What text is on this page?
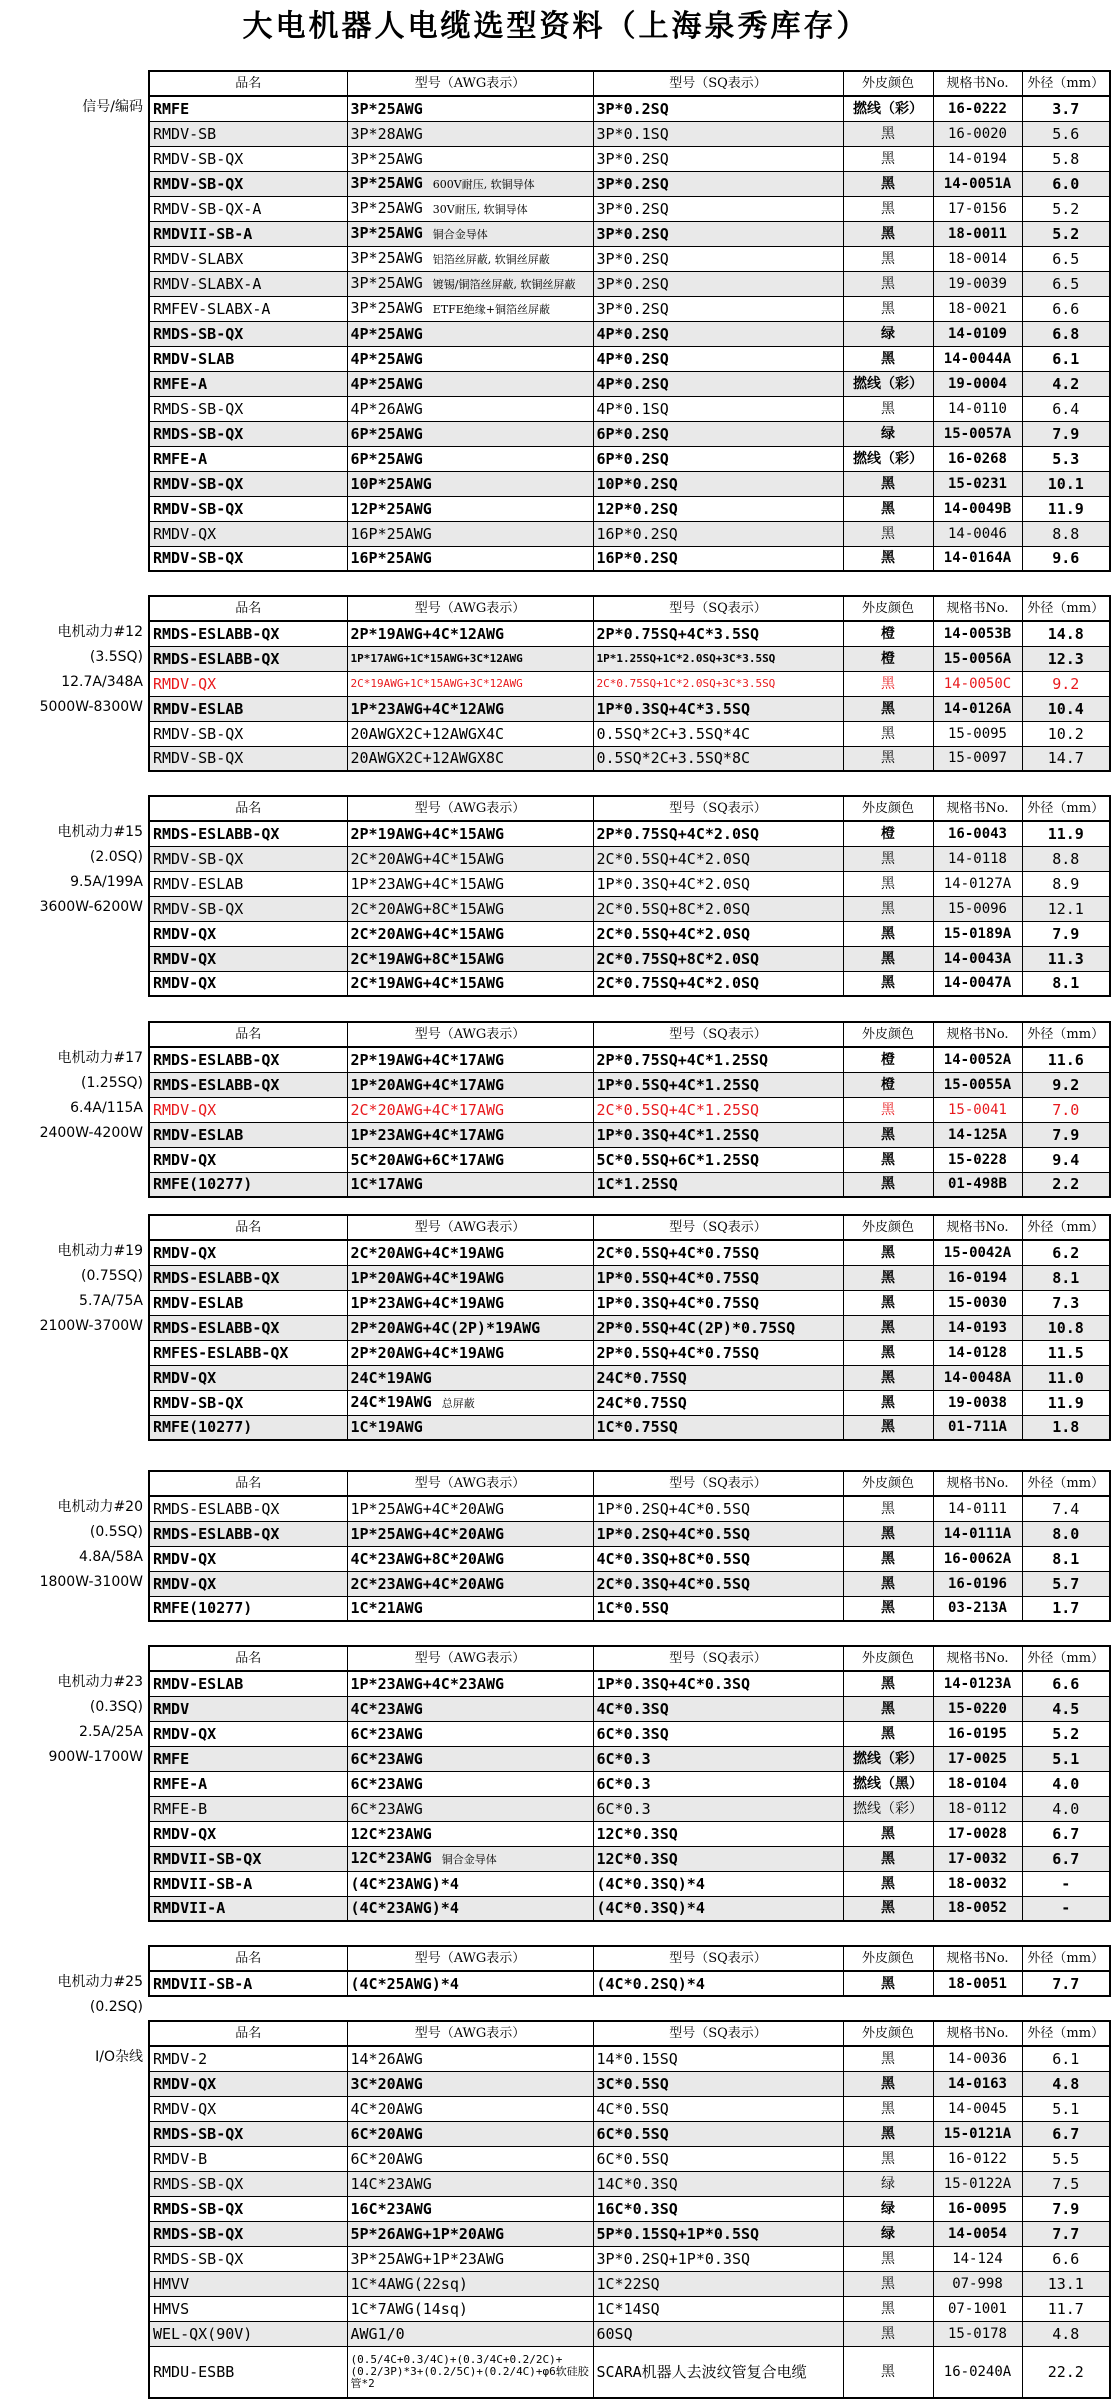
大电机器人电缆选型资料（上海泉秀库存）
信号/编码
品名	型号（AWG表示）	型号（SQ表示）	外皮颜色	规格书No.	外径（mm）
RMFE	3P*25AWG	3P*0.2SQ	撚线（彩）	16-0222	3.7
RMDV-SB	3P*28AWG	3P*0.1SQ	黑	16-0020	5.6
RMDV-SB-QX	3P*25AWG	3P*0.2SQ	黑	14-0194	5.8
RMDV-SB-QX	3P*25AWG 600V耐压, 软铜导体	3P*0.2SQ	黑	14-0051A	6.0
RMDV-SB-QX-A	3P*25AWG 30V耐压, 软铜导体	3P*0.2SQ	黑	17-0156	5.2
RMDVII-SB-A	3P*25AWG 铜合金导体	3P*0.2SQ	黑	18-0011	5.2
RMDV-SLABX	3P*25AWG 铝箔丝屏蔽, 软铜丝屏蔽	3P*0.2SQ	黑	18-0014	6.5
RMDV-SLABX-A	3P*25AWG 镀锡/铜箔丝屏蔽, 软铜丝屏蔽	3P*0.2SQ	黑	19-0039	6.5
RMFEV-SLABX-A	3P*25AWG ETFE绝缘+铜箔丝屏蔽	3P*0.2SQ	黑	18-0021	6.6
RMDS-SB-QX	4P*25AWG	4P*0.2SQ	绿	14-0109	6.8
RMDV-SLAB	4P*25AWG	4P*0.2SQ	黑	14-0044A	6.1
RMFE-A	4P*25AWG	4P*0.2SQ	撚线（彩）	19-0004	4.2
RMDS-SB-QX	4P*26AWG	4P*0.1SQ	黑	14-0110	6.4
RMDS-SB-QX	6P*25AWG	6P*0.2SQ	绿	15-0057A	7.9
RMFE-A	6P*25AWG	6P*0.2SQ	撚线（彩）	16-0268	5.3
RMDV-SB-QX	10P*25AWG	10P*0.2SQ	黑	15-0231	10.1
RMDV-SB-QX	12P*25AWG	12P*0.2SQ	黑	14-0049B	11.9
RMDV-QX	16P*25AWG	16P*0.2SQ	黑	14-0046	8.8
RMDV-SB-QX	16P*25AWG	16P*0.2SQ	黑	14-0164A	9.6
电机动力#12
(3.5SQ)
12.7A/348A
5000W-8300W
品名	型号（AWG表示）	型号（SQ表示）	外皮颜色	规格书No.	外径（mm）
RMDS-ESLABB-QX	2P*19AWG+4C*12AWG	2P*0.75SQ+4C*3.5SQ	橙	14-0053B	14.8
RMDS-ESLABB-QX	1P*17AWG+1C*15AWG+3C*12AWG	1P*1.25SQ+1C*2.0SQ+3C*3.5SQ	橙	15-0056A	12.3
RMDV-QX	2C*19AWG+1C*15AWG+3C*12AWG	2C*0.75SQ+1C*2.0SQ+3C*3.5SQ	黑	14-0050C	9.2
RMDV-ESLAB	1P*23AWG+4C*12AWG	1P*0.3SQ+4C*3.5SQ	黑	14-0126A	10.4
RMDV-SB-QX	20AWGX2C+12AWGX4C	0.5SQ*2C+3.5SQ*4C	黑	15-0095	10.2
RMDV-SB-QX	20AWGX2C+12AWGX8C	0.5SQ*2C+3.5SQ*8C	黑	15-0097	14.7
电机动力#15
(2.0SQ)
9.5A/199A
3600W-6200W
品名	型号（AWG表示）	型号（SQ表示）	外皮颜色	规格书No.	外径（mm）
RMDS-ESLABB-QX	2P*19AWG+4C*15AWG	2P*0.75SQ+4C*2.0SQ	橙	16-0043	11.9
RMDV-SB-QX	2C*20AWG+4C*15AWG	2C*0.5SQ+4C*2.0SQ	黑	14-0118	8.8
RMDV-ESLAB	1P*23AWG+4C*15AWG	1P*0.3SQ+4C*2.0SQ	黑	14-0127A	8.9
RMDV-SB-QX	2C*20AWG+8C*15AWG	2C*0.5SQ+8C*2.0SQ	黑	15-0096	12.1
RMDV-QX	2C*20AWG+4C*15AWG	2C*0.5SQ+4C*2.0SQ	黑	15-0189A	7.9
RMDV-QX	2C*19AWG+8C*15AWG	2C*0.75SQ+8C*2.0SQ	黑	14-0043A	11.3
RMDV-QX	2C*19AWG+4C*15AWG	2C*0.75SQ+4C*2.0SQ	黑	14-0047A	8.1
电机动力#17
(1.25SQ)
6.4A/115A
2400W-4200W
品名	型号（AWG表示）	型号（SQ表示）	外皮颜色	规格书No.	外径（mm）
RMDS-ESLABB-QX	2P*19AWG+4C*17AWG	2P*0.75SQ+4C*1.25SQ	橙	14-0052A	11.6
RMDS-ESLABB-QX	1P*20AWG+4C*17AWG	1P*0.5SQ+4C*1.25SQ	橙	15-0055A	9.2
RMDV-QX	2C*20AWG+4C*17AWG	2C*0.5SQ+4C*1.25SQ	黑	15-0041	7.0
RMDV-ESLAB	1P*23AWG+4C*17AWG	1P*0.3SQ+4C*1.25SQ	黑	14-125A	7.9
RMDV-QX	5C*20AWG+6C*17AWG	5C*0.5SQ+6C*1.25SQ	黑	15-0228	9.4
RMFE(10277)	1C*17AWG	1C*1.25SQ	黑	01-498B	2.2
电机动力#19
(0.75SQ)
5.7A/75A
2100W-3700W
品名	型号（AWG表示）	型号（SQ表示）	外皮颜色	规格书No.	外径（mm）
RMDV-QX	2C*20AWG+4C*19AWG	2C*0.5SQ+4C*0.75SQ	黑	15-0042A	6.2
RMDS-ESLABB-QX	1P*20AWG+4C*19AWG	1P*0.5SQ+4C*0.75SQ	黑	16-0194	8.1
RMDV-ESLAB	1P*23AWG+4C*19AWG	1P*0.3SQ+4C*0.75SQ	黑	15-0030	7.3
RMDS-ESLABB-QX	2P*20AWG+4C(2P)*19AWG	2P*0.5SQ+4C(2P)*0.75SQ	黑	14-0193	10.8
RMFES-ESLABB-QX	2P*20AWG+4C*19AWG	2P*0.5SQ+4C*0.75SQ	黑	14-0128	11.5
RMDV-QX	24C*19AWG	24C*0.75SQ	黑	14-0048A	11.0
RMDV-SB-QX	24C*19AWG 总屏蔽	24C*0.75SQ	黑	19-0038	11.9
RMFE(10277)	1C*19AWG	1C*0.75SQ	黑	01-711A	1.8
电机动力#20
(0.5SQ)
4.8A/58A
1800W-3100W
品名	型号（AWG表示）	型号（SQ表示）	外皮颜色	规格书No.	外径（mm）
RMDS-ESLABB-QX	1P*25AWG+4C*20AWG	1P*0.2SQ+4C*0.5SQ	黑	14-0111	7.4
RMDS-ESLABB-QX	1P*25AWG+4C*20AWG	1P*0.2SQ+4C*0.5SQ	黑	14-0111A	8.0
RMDV-QX	4C*23AWG+8C*20AWG	4C*0.3SQ+8C*0.5SQ	黑	16-0062A	8.1
RMDV-QX	2C*23AWG+4C*20AWG	2C*0.3SQ+4C*0.5SQ	黑	16-0196	5.7
RMFE(10277)	1C*21AWG	1C*0.5SQ	黑	03-213A	1.7
电机动力#23
(0.3SQ)
2.5A/25A
900W-1700W
品名	型号（AWG表示）	型号（SQ表示）	外皮颜色	规格书No.	外径（mm）
RMDV-ESLAB	1P*23AWG+4C*23AWG	1P*0.3SQ+4C*0.3SQ	黑	14-0123A	6.6
RMDV	4C*23AWG	4C*0.3SQ	黑	15-0220	4.5
RMDV-QX	6C*23AWG	6C*0.3SQ	黑	16-0195	5.2
RMFE	6C*23AWG	6C*0.3	撚线（彩）	17-0025	5.1
RMFE-A	6C*23AWG	6C*0.3	撚线（黑）	18-0104	4.0
RMFE-B	6C*23AWG	6C*0.3	撚线（彩）	18-0112	4.0
RMDV-QX	12C*23AWG	12C*0.3SQ	黑	17-0028	6.7
RMDVII-SB-QX	12C*23AWG 铜合金导体	12C*0.3SQ	黑	17-0032	6.7
RMDVII-SB-A	(4C*23AWG)*4	(4C*0.3SQ)*4	黑	18-0032	-
RMDVII-A	(4C*23AWG)*4	(4C*0.3SQ)*4	黑	18-0052	-
电机动力#25
(0.2SQ)
品名	型号（AWG表示）	型号（SQ表示）	外皮颜色	规格书No.	外径（mm）
RMDVII-SB-A	(4C*25AWG)*4	(4C*0.2SQ)*4	黑	18-0051	7.7
I/O杂线
品名	型号（AWG表示）	型号（SQ表示）	外皮颜色	规格书No.	外径（mm）
RMDV-2	14*26AWG	14*0.15SQ	黑	14-0036	6.1
RMDV-QX	3C*20AWG	3C*0.5SQ	黑	14-0163	4.8
RMDV-QX	4C*20AWG	4C*0.5SQ	黑	14-0045	5.1
RMDS-SB-QX	6C*20AWG	6C*0.5SQ	黑	15-0121A	6.7
RMDV-B	6C*20AWG	6C*0.5SQ	黑	16-0122	5.5
RMDS-SB-QX	14C*23AWG	14C*0.3SQ	绿	15-0122A	7.5
RMDS-SB-QX	16C*23AWG	16C*0.3SQ	绿	16-0095	7.9
RMDS-SB-QX	5P*26AWG+1P*20AWG	5P*0.15SQ+1P*0.5SQ	绿	14-0054	7.7
RMDS-SB-QX	3P*25AWG+1P*23AWG	3P*0.2SQ+1P*0.3SQ	黑	14-124	6.6
HMVV	1C*4AWG(22sq)	1C*22SQ	黑	07-998	13.1
HMVS	1C*7AWG(14sq)	1C*14SQ	黑	07-1001	11.7
WEL-QX(90V)	AWG1/0	60SQ	黑	15-0178	4.8
RMDU-ESBB	(0.5/4C+0.3/4C)+(0.3/4C+0.2/2C)+(0.2/3P)*3+(0.2/5C)+(0.2/4C)+φ6软硅胶管*2	SCARA机器人去波纹管复合电缆	黑	16-0240A	22.2
